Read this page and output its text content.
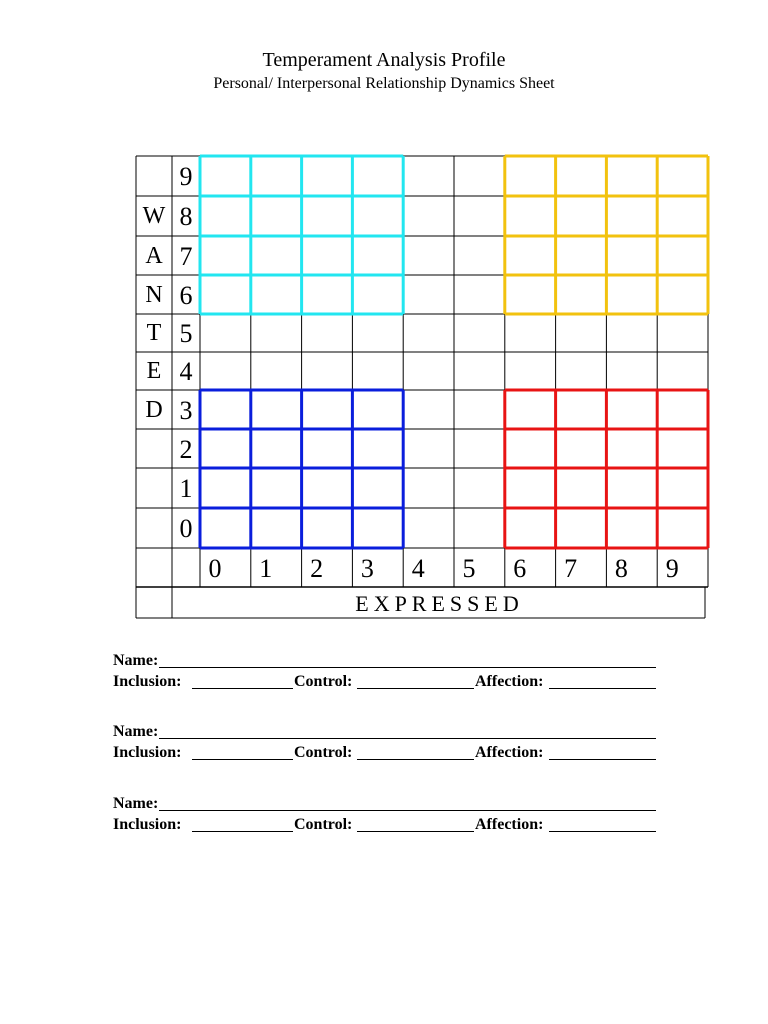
Temperament Analysis Profile
Personal/ Interpersonal Relationship Dynamics Sheet
9
8
7
6
5
4
3
2
1
0
W
A
N
T
E
D
0 1 2 3 4 5 6 7 8 9
EXPRESSED
Name:
Inclusion:	Control:	Affection:
Name:
Inclusion:	Control:	Affection:
Name:
Inclusion:	Control:	Affection:
